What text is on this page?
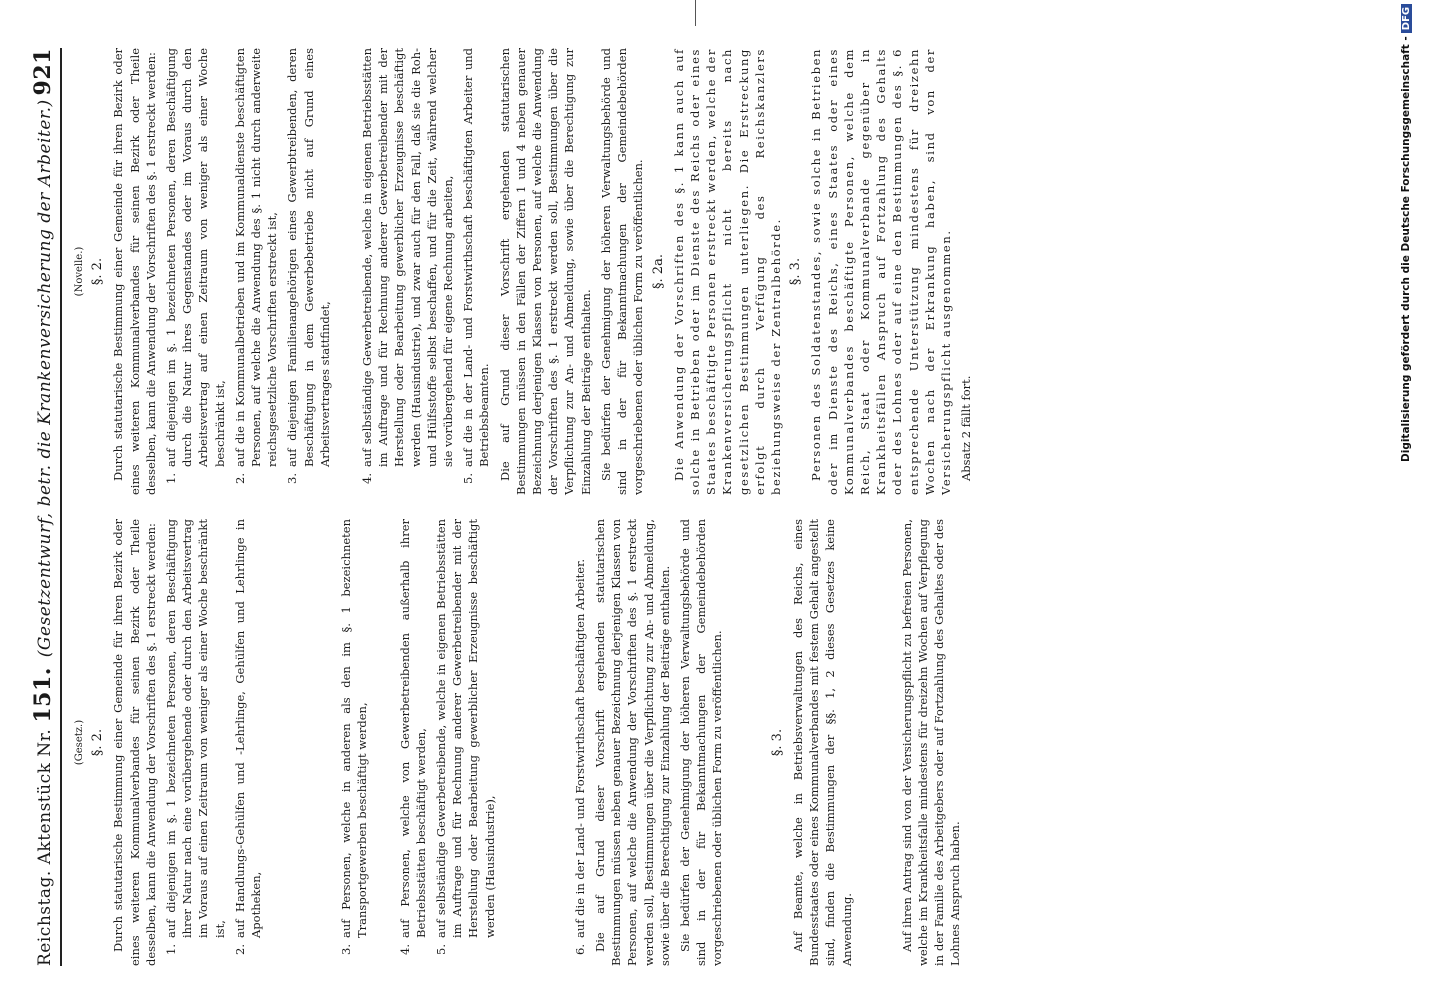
Reichstag. Aktenstück Nr.
151.
(Gesetzentwurf, betr. die Krankenversicherung der Arbeiter.)
921
(Gesetz.) §. 2. Durch statutarische Bestimmung einer Gemeinde für ihren Bezirk oder eines weiteren Kommunalverbandes für seinen Bezirk oder Theile desselben, kann die Anwendung der Vorschriften des §. 1 erstreckt werden: 1.
auf diejenigen im §. 1 bezeichneten Personen, deren Beschäftigung ihrer Natur nach eine vorübergehende oder durch den Arbeitsvertrag im Voraus auf einen Zeitraum von weniger als einer Woche beschränkt ist,
2.
auf Handlungs-Gehülfen und -Lehrlinge, Gehülfen und Lehrlinge in Apotheken,
3.
auf Personen, welche in anderen als den im §. 1 bezeichneten Transportgewerben beschäftigt werden,
4.
auf Personen, welche von Gewerbetreibenden außerhalb ihrer Betriebsstätten beschäftigt werden,
5.
auf selbständige Gewerbetreibende, welche in eigenen Betriebsstätten im Auftrage und für Rechnung anderer Gewerbetreibender mit der Herstellung oder Bearbeitung gewerblicher Erzeugnisse beschäftigt werden (Hausindustrie),
6.
auf die in der Land- und Forstwirthschaft beschäftigten Arbeiter. Die auf Grund dieser Vorschrift ergehenden statutarischen Bestimmungen müssen neben genauer Bezeichnung derjenigen Klassen von Personen, auf welche die Anwendung der Vorschriften des §. 1 erstreckt werden soll, Bestimmungen über die Verpflichtung zur An- und Abmeldung, sowie über die Berechtigung zur Einzahlung der Beiträge enthalten. Sie bedürfen der Genehmigung der höheren Verwaltungsbehörde und sind in der für Bekanntmachungen der Gemeindebehörden vorgeschriebenen oder üblichen Form zu veröffentlichen.	§. 3. Auf Beamte, welche in Betriebsverwaltungen des Reichs, eines Bundesstaates oder eines Kommunalverbandes mit festem Gehalt angestellt sind, finden die Bestimmungen der §§. 1, 2 dieses Gesetzes keine Anwendung.	Auf ihren Antrag sind von der Versicherungspflicht zu befreien Personen, welche im Krankheitsfalle mindestens für dreizehn Wochen auf Verpflegung in der Familie des Arbeitgebers oder auf Fortzahlung des Gehaltes oder des Lohnes Anspruch haben.

(Novelle.) §. 2. Durch statutarische Bestimmung einer Gemeinde für ihren Bezirk oder eines weiteren Kommunalverbandes für seinen Bezirk oder Theile desselben, kann die Anwendung der Vorschriften des §. 1 erstreckt werden: 1.
auf diejenigen im §. 1 bezeichneten Personen, deren Beschäftigung durch die Natur ihres Gegenstandes oder im Voraus durch den Arbeitsvertrag auf einen Zeitraum von weniger als einer Woche beschränkt ist,
2.
auf die in Kommunalbetrieben und im Kommunaldienste beschäftigten Personen, auf welche die Anwendung des §. 1 nicht durch anderweite reichsgesetzliche Vorschriften erstreckt ist,
3.
auf diejenigen Familienangehörigen eines Gewerbtreibenden, deren Beschäftigung in dem Gewerbebetriebe nicht auf Grund eines Arbeitsvertrages stattfindet,
4.
auf selbständige Gewerbetreibende, welche in eigenen Betriebsstätten im Auftrage und für Rechnung anderer Gewerbetreibender mit der Herstellung oder Bearbeitung gewerblicher Erzeugnisse beschäftigt werden (Hausindustrie), und zwar auch für den Fall, daß sie die Roh- und Hülfsstoffe selbst beschaffen, und für die Zeit, während welcher sie vorübergehend für eigene Rechnung arbeiten,
5.
auf die in der Land- und Forstwirthschaft beschäftigten Arbeiter und Betriebsbeamten. Die auf Grund dieser Vorschrift ergehenden statutarischen Bestimmungen müssen in den Fällen der Ziffern 1 und 4 neben genauer Bezeichnung derjenigen Klassen von Personen, auf welche die Anwendung der Vorschriften des §. 1 erstreckt werden soll, Bestimmungen über die Verpflichtung zur An- und Abmeldung, sowie über die Berechtigung zur Einzahlung der Beiträge enthalten. Sie bedürfen der Genehmigung der höheren Verwaltungsbehörde und sind in der für Bekanntmachungen der Gemeindebehörden vorgeschriebenen oder üblichen Form zu veröffentlichen. §. 2a. Die Anwendung der Vorschriften des §. 1 kann auch auf solche in Betrieben oder im Dienste des Reichs oder eines Staates beschäftigte Personen erstreckt werden, welche der Krankenversicherungspflicht nicht bereits nach gesetzlichen Bestimmungen unterliegen. Die Erstreckung erfolgt durch Verfügung des Reichskanzlers beziehungsweise der Zentralbehörde. §. 3. Personen des Soldatenstandes, sowie solche in Betrieben oder im Dienste des Reichs, eines Staates oder eines Kommunalverbandes beschäftigte Personen, welche dem Reich, Staat oder Kommunalverbande gegenüber in Krankheitsfällen Anspruch auf Fortzahlung des Gehalts oder des Lohnes oder auf eine den Bestimmungen des §. 6 entsprechende Unterstützung mindestens für dreizehn Wochen nach der Erkrankung haben, sind von der Versicherungspflicht ausgenommen. Absatz 2 fällt fort.	Digitalisierung gefördert durch die Deutsche Forschungsgemeinschaft -DFG
